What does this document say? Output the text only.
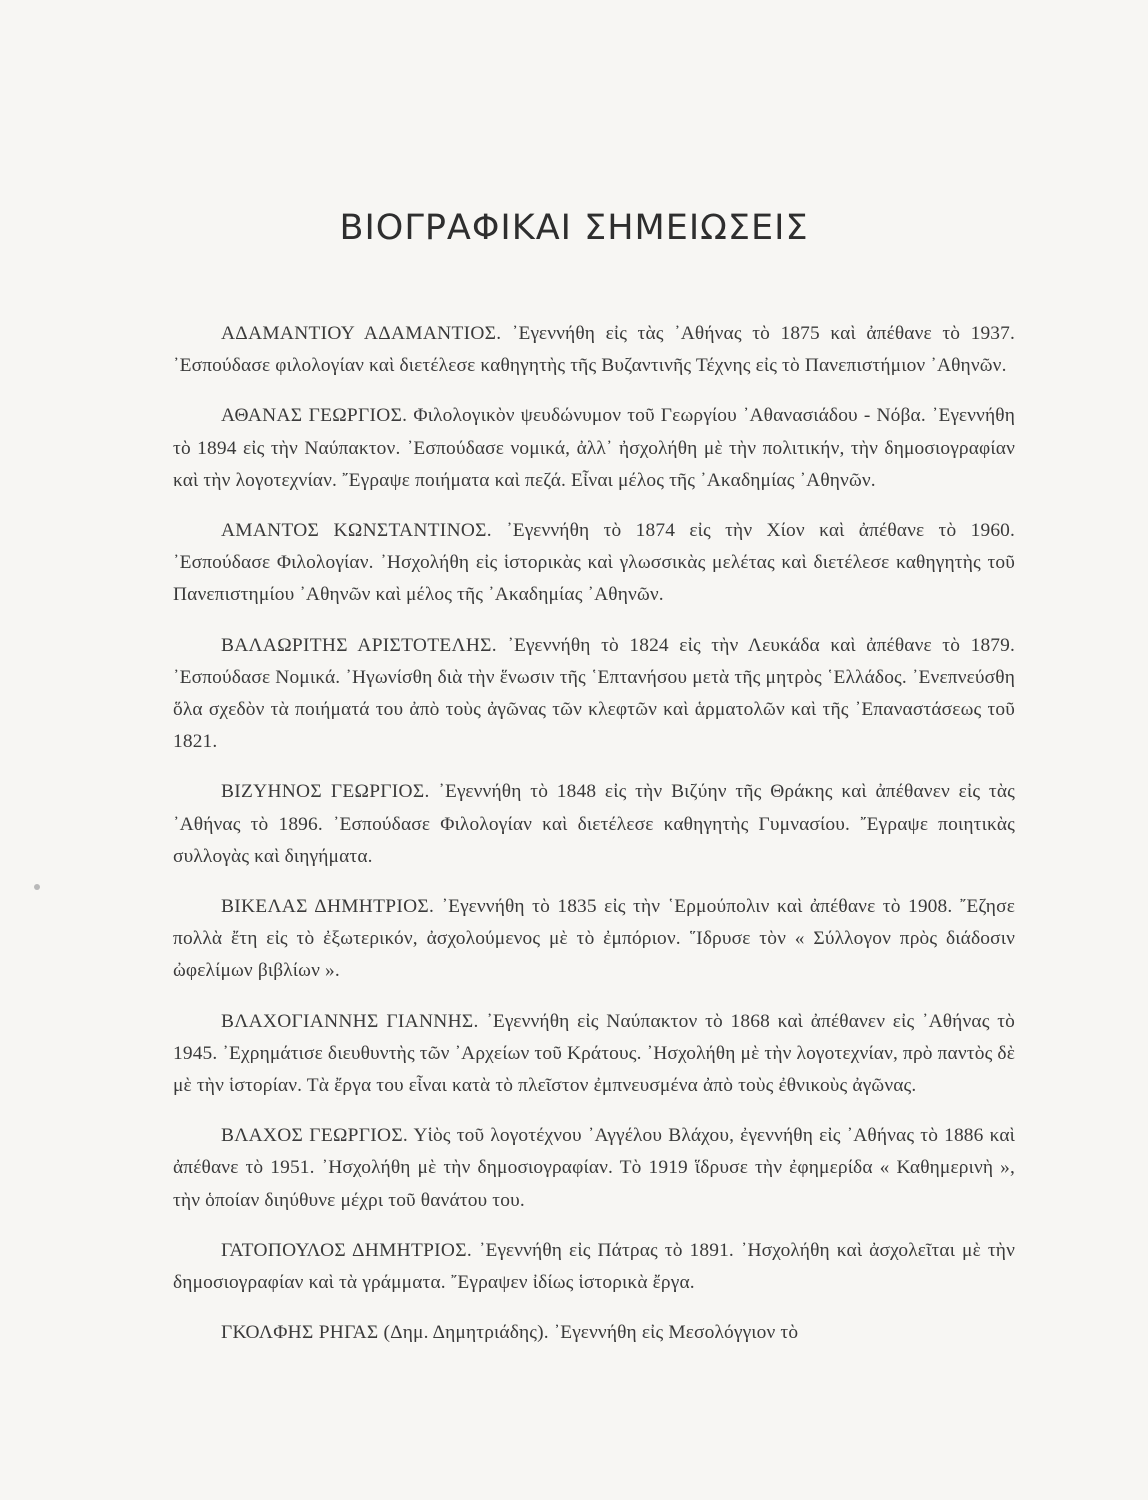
ΒΙΟΓΡΑΦΙΚΑΙ ΣΗΜΕΙΩΣΕΙΣ

ΑΔΑΜΑΝΤΙΟΥ ΑΔΑΜΑΝΤΙΟΣ. ᾿Εγεννήθη εἰς τὰς ᾿Αθήνας τὸ 1875 καὶ ἀπέθανε τὸ 1937. ᾿Εσπούδασε φιλολογίαν καὶ διετέλεσε καθηγητὴς τῆς Βυζαντινῆς Τέχνης εἰς τὸ Πανεπιστήμιον ᾿Αθηνῶν.

ΑΘΑΝΑΣ ΓΕΩΡΓΙΟΣ. Φιλολογικὸν ψευδώνυμον τοῦ Γεωργίου ᾿Αθανασιάδου - Νόβα. ᾿Εγεννήθη τὸ 1894 εἰς τὴν Ναύπακτον. ᾿Εσπούδασε νομικά, ἀλλ᾿ ἠσχολήθη μὲ τὴν πολιτικήν, τὴν δημοσιογραφίαν καὶ τὴν λογοτεχνίαν. ῎Εγραψε ποιήματα καὶ πεζά. Εἶναι μέλος τῆς ᾿Ακαδημίας ᾿Αθηνῶν.

ΑΜΑΝΤΟΣ ΚΩΝΣΤΑΝΤΙΝΟΣ. ᾿Εγεννήθη τὸ 1874 εἰς τὴν Χίον καὶ ἀπέθανε τὸ 1960. ᾿Εσπούδασε Φιλολογίαν. ᾿Ησχολήθη εἰς ἱστορικὰς καὶ γλωσσικὰς μελέτας καὶ διετέλεσε καθηγητὴς τοῦ Πανεπιστημίου ᾿Αθηνῶν καὶ μέλος τῆς ᾿Ακαδημίας ᾿Αθηνῶν.

ΒΑΛΑΩΡΙΤΗΣ ΑΡΙΣΤΟΤΕΛΗΣ. ᾿Εγεννήθη τὸ 1824 εἰς τὴν Λευκάδα καὶ ἀπέθανε τὸ 1879. ᾿Εσπούδασε Νομικά. ᾿Ηγωνίσθη διὰ τὴν ἕνωσιν τῆς ῾Επτανήσου μετὰ τῆς μητρὸς ῾Ελλάδος. ᾿Ενεπνεύσθη ὅλα σχεδὸν τὰ ποιήματά του ἀπὸ τοὺς ἀγῶνας τῶν κλεφτῶν καὶ ἁρματολῶν καὶ τῆς ᾿Επαναστάσεως τοῦ 1821.

ΒΙΖΥΗΝΟΣ ΓΕΩΡΓΙΟΣ. ᾿Εγεννήθη τὸ 1848 εἰς τὴν Βιζύην τῆς Θράκης καὶ ἀπέθανεν εἰς τὰς ᾿Αθήνας τὸ 1896. ᾿Εσπούδασε Φιλολογίαν καὶ διετέλεσε καθηγητὴς Γυμνασίου. ῎Εγραψε ποιητικὰς συλλογὰς καὶ διηγήματα.

ΒΙΚΕΛΑΣ ΔΗΜΗΤΡΙΟΣ. ᾿Εγεννήθη τὸ 1835 εἰς τὴν ῾Ερμούπολιν καὶ ἀπέθανε τὸ 1908. ῎Εζησε πολλὰ ἔτη εἰς τὸ ἐξωτερικόν, ἀσχολούμενος μὲ τὸ ἐμπόριον. ῞Ιδρυσε τὸν « Σύλλογον πρὸς διάδοσιν ὠφελίμων βιβλίων ».

ΒΛΑΧΟΓΙΑΝΝΗΣ ΓΙΑΝΝΗΣ. ᾿Εγεννήθη εἰς Ναύπακτον τὸ 1868 καὶ ἀπέθανεν εἰς ᾿Αθήνας τὸ 1945. ᾿Εχρημάτισε διευθυντὴς τῶν ᾿Αρχείων τοῦ Κράτους. ᾿Ησχολήθη μὲ τὴν λογοτεχνίαν, πρὸ παντὸς δὲ μὲ τὴν ἱστορίαν. Τὰ ἔργα του εἶναι κατὰ τὸ πλεῖστον ἐμπνευσμένα ἀπὸ τοὺς ἐθνικοὺς ἀγῶνας.

ΒΛΑΧΟΣ ΓΕΩΡΓΙΟΣ. Υἱὸς τοῦ λογοτέχνου ᾿Αγγέλου Βλάχου, ἐγεννήθη εἰς ᾿Αθήνας τὸ 1886 καὶ ἀπέθανε τὸ 1951. ᾿Ησχολήθη μὲ τὴν δημοσιογραφίαν. Τὸ 1919 ἵδρυσε τὴν ἐφημερίδα « Καθημερινὴ », τὴν ὁποίαν διηύθυνε μέχρι τοῦ θανάτου του.

ΓΑΤΟΠΟΥΛΟΣ ΔΗΜΗΤΡΙΟΣ. ᾿Εγεννήθη εἰς Πάτρας τὸ 1891. ᾿Ησχολήθη καὶ ἀσχολεῖται μὲ τὴν δημοσιογραφίαν καὶ τὰ γράμματα. ῎Εγραψεν ἰδίως ἱστορικὰ ἔργα.

ΓΚΟΛΦΗΣ ΡΗΓΑΣ (Δημ. Δημητριάδης). ᾿Εγεννήθη εἰς Μεσολόγγιον τὸ
